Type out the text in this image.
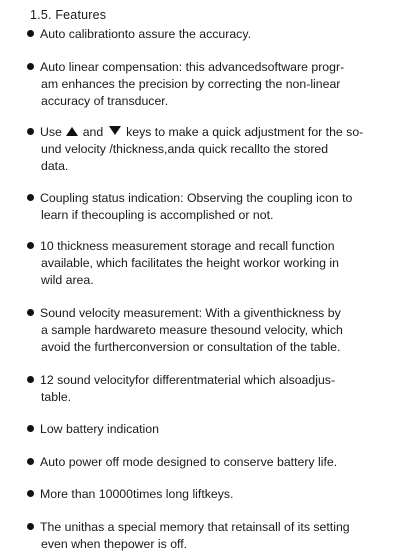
1.5. Features
Auto calibrationto assure the accuracy.
Auto linear compensation: this advancedsoftware progr-
am enhances the precision by correcting the non-linear
accuracy of transducer.
Use and keys to make a quick adjustment for the so-
und velocity /thickness,anda quick recallto the stored
data.
Coupling status indication: Observing the coupling icon to
learn if thecoupling is accomplished or not.
10 thickness measurement storage and recall function
available, which facilitates the height workor working in
wild area.
Sound velocity measurement: With a giventhickness by
a sample hardwareto measure thesound velocity, which
avoid the furtherconversion or consultation of the table.
12 sound velocityfor differentmaterial which alsoadjus-
table.
Low battery indication
Auto power off mode designed to conserve battery life.
More than 10000times long liftkeys.
The unithas a special memory that retainsall of its setting
even when thepower is off.
